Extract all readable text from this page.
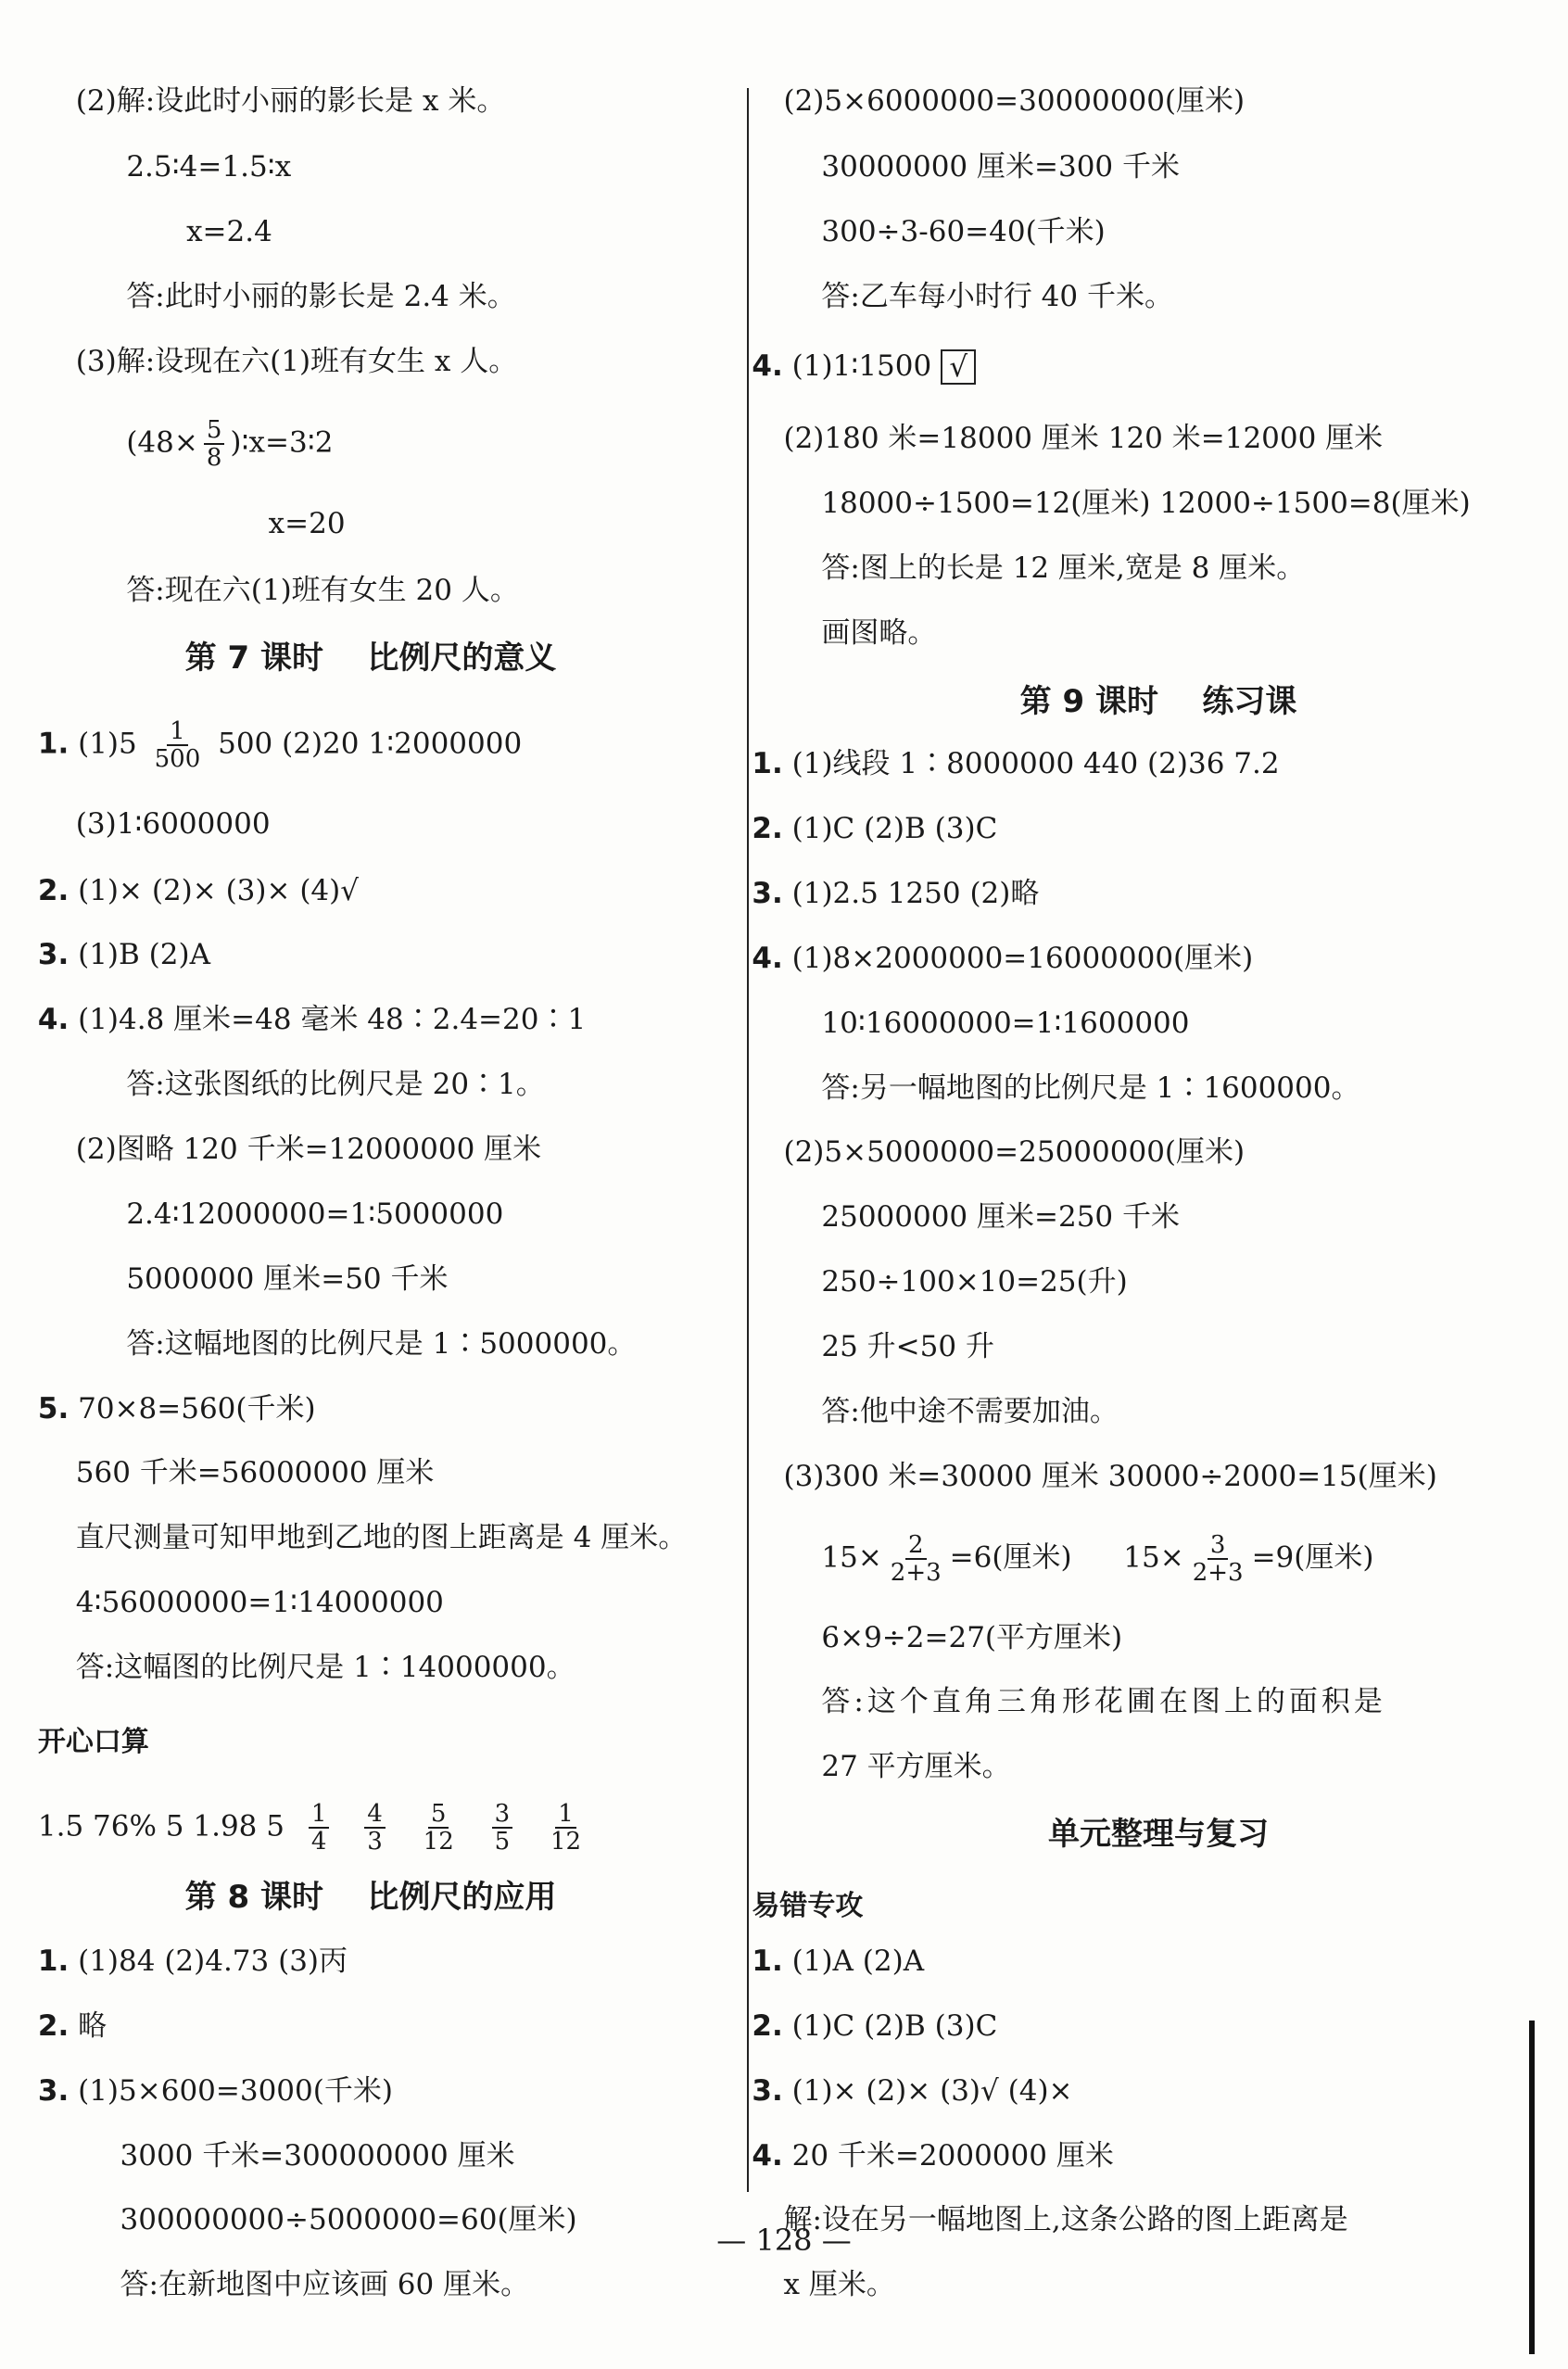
(2)解:设此时小丽的影长是 x 米。
2.5∶4=1.5∶x
x=2.4
答:此时小丽的影长是 2.4 米。
(3)解:设现在六(1)班有女生 x 人。
($48\times \frac{5}{8}$ )∶x=3∶2
x=20
答:现在六(1)班有女生 20 人。
第 7 课时    比例尺的意义
1. $(1)5 \frac{1}{500} 500$ (2)20 1∶2000000
(3)1∶6000000
2. (1)× (2)× (3)× (4)√
3. (1)B (2)A
4. (1)4.8 厘米=48 毫米 48∶2.4=20∶1
答:这张图纸的比例尺是 20∶1。
(2)图略 120 千米=12000000 厘米
2.4∶12000000=1∶5000000
5000000 厘米=50 千米
答:这幅地图的比例尺是 1∶5000000。
5. 70×8=560(千米)
560 千米=56000000 厘米
直尺测量可知甲地到乙地的图上距离是 4 厘米。
4∶56000000=1∶14000000
答:这幅图的比例尺是 1∶14000000。
开心口算
1.5 76% 5 1.98 $5 \frac{1}{4}$
$\frac{4}{3}$
$\frac{5}{12}$
$\frac{3}{5}$
$\frac{1}{12}$
第 8 课时    比例尺的应用
1. (1)84 (2)4.73 (3)丙
2. 略
3. (1)5×600=3000(千米)
3000 千米=300000000 厘米
300000000÷5000000=60(厘米)
答:在新地图中应该画 60 厘米。
(2)5×6000000=30000000(厘米)
30000000 厘米=300 千米
300÷3-60=40(千米)
答:乙车每小时行 40 千米。
4. (1)1∶1500 √
(2)180 米=18000 厘米 120 米=12000 厘米
18000÷1500=12(厘米) 12000÷1500=8(厘米)
答:图上的长是 12 厘米,宽是 8 厘米。
画图略。
第 9 课时    练习课
1. (1)线段 1∶8000000 440 (2)36 7.2
2. (1)C (2)B (3)C
3. (1)2.5 1250 (2)略
4. (1)8×2000000=16000000(厘米)
10∶16000000=1∶1600000
答:另一幅地图的比例尺是 1∶1600000。
(2)5×5000000=25000000(厘米)
25000000 厘米=250 千米
250÷100×10=25(升)
25 升<50 升
答:他中途不需要加油。
(3)300 米=30000 厘米 30000÷2000=15(厘米)
$15\times \frac{2}{2+3} =6$(厘米) $15\times \frac{3}{2+3} =9$(厘米)
6×9÷2=27(平方厘米)
答:这个直角三角形花圃在图上的面积是
27 平方厘米。
单元整理与复习
易错专攻
1. (1)A (2)A
2. (1)C (2)B (3)C
3. (1)× (2)× (3)√ (4)×
4. 20 千米=2000000 厘米
解:设在另一幅地图上,这条公路的图上距离是
x 厘米。
— 128 —
